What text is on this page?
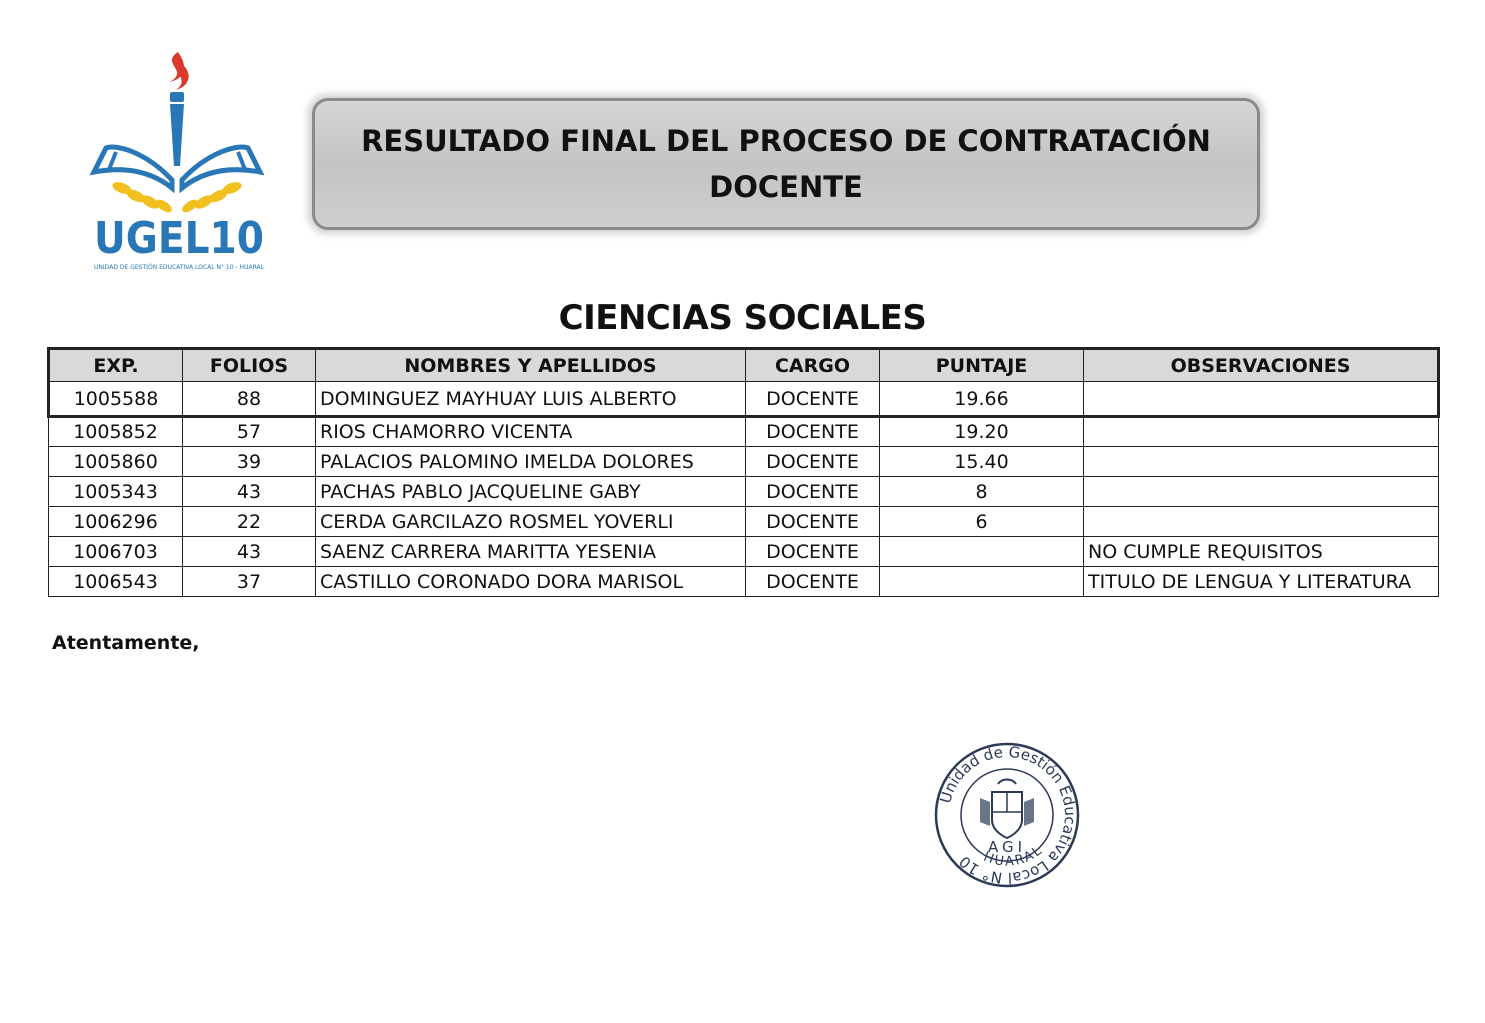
UGEL10
UNIDAD DE GESTIÓN EDUCATIVA LOCAL N° 10 - HUARAL
RESULTADO FINAL DEL PROCESO DE CONTRATACIÓN
DOCENTE
CIENCIAS SOCIALES
EXP.	FOLIOS	NOMBRES Y APELLIDOS	CARGO	PUNTAJE	OBSERVACIONES
1005588	88	DOMINGUEZ MAYHUAY LUIS ALBERTO	DOCENTE	19.66	
1005852	57	RIOS CHAMORRO VICENTA	DOCENTE	19.20	
1005860	39	PALACIOS PALOMINO IMELDA DOLORES	DOCENTE	15.40	
1005343	43	PACHAS PABLO JACQUELINE GABY	DOCENTE	8	
1006296	22	CERDA GARCILAZO ROSMEL YOVERLI	DOCENTE	6	
1006703	43	SAENZ CARRERA MARITTA YESENIA	DOCENTE		NO CUMPLE REQUISITOS
1006543	37	CASTILLO CORONADO DORA MARISOL	DOCENTE		TITULO DE LENGUA Y LITERATURA
Atentamente,
Unidad de Gestión Educativa Local N° 10 HUARAL
AGI
